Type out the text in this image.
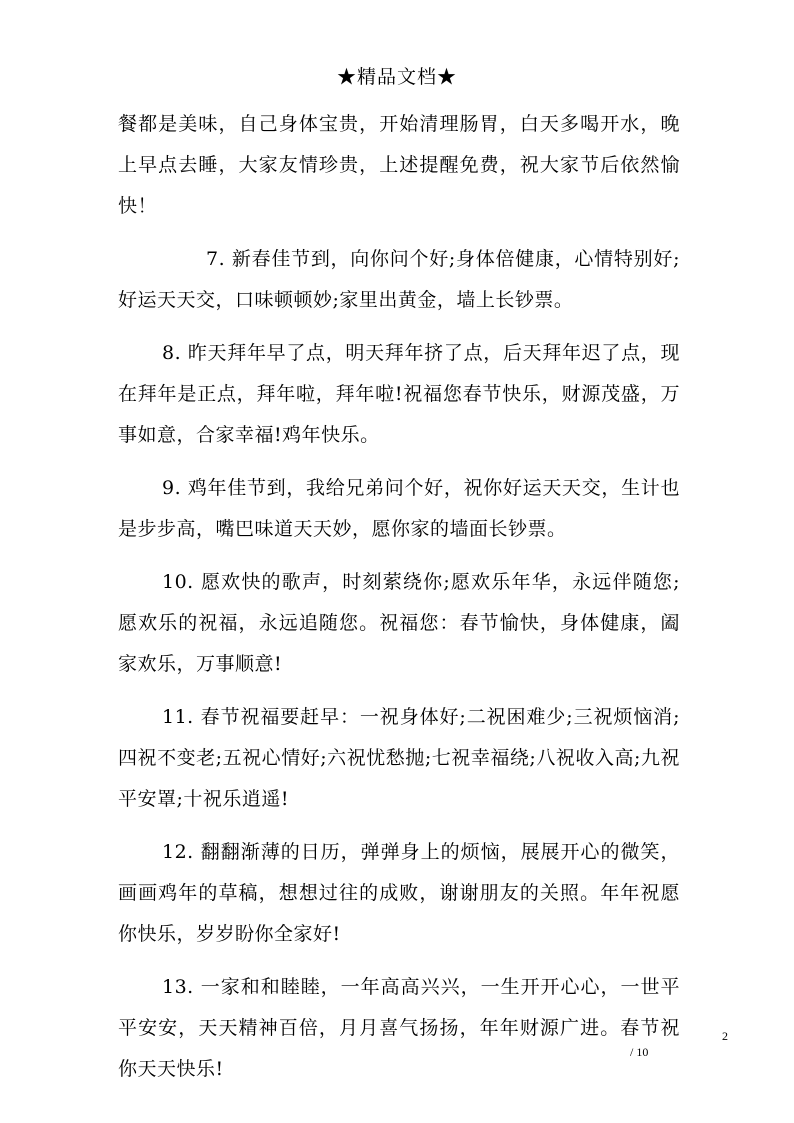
★精品文档★

餐都是美味，自己身体宝贵，开始清理肠胃，白天多喝开水，晚上早点去睡，大家友情珍贵，上述提醒免费，祝大家节后依然愉快！

7. 新春佳节到，向你问个好;身体倍健康，心情特别好;好运天天交，口味顿顿妙;家里出黄金，墙上长钞票。

8. 昨天拜年早了点，明天拜年挤了点，后天拜年迟了点，现在拜年是正点，拜年啦，拜年啦!祝福您春节快乐，财源茂盛，万事如意，合家幸福!鸡年快乐。

9. 鸡年佳节到，我给兄弟问个好，祝你好运天天交，生计也是步步高，嘴巴味道天天妙，愿你家的墙面长钞票。

10. 愿欢快的歌声，时刻萦绕你;愿欢乐年华，永远伴随您;愿欢乐的祝福，永远追随您。祝福您：春节愉快，身体健康，阖家欢乐，万事顺意!

11. 春节祝福要赶早：一祝身体好;二祝困难少;三祝烦恼消;四祝不变老;五祝心情好;六祝忧愁抛;七祝幸福绕;八祝收入高;九祝平安罩;十祝乐逍遥!

12. 翻翻渐薄的日历，弹弹身上的烦恼，展展开心的微笑，画画鸡年的草稿，想想过往的成败，谢谢朋友的关照。年年祝愿你快乐，岁岁盼你全家好!

13. 一家和和睦睦，一年高高兴兴，一生开开心心，一世平平安安，天天精神百倍，月月喜气扬扬，年年财源广进。春节祝你天天快乐!

2
/ 10
